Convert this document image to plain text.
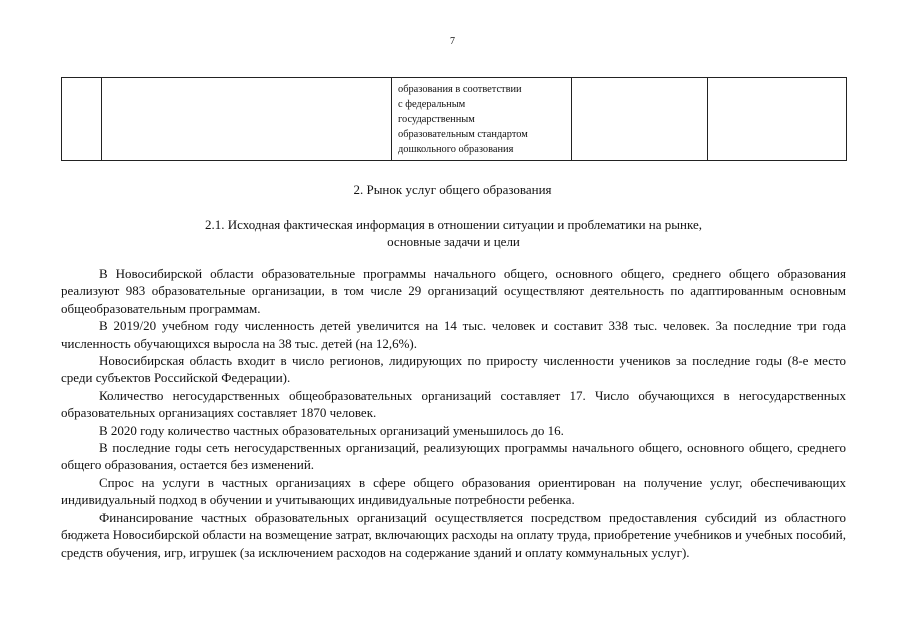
7

образования в соответствии
с федеральным
государственным
образовательным стандартом
дошкольного образования

2. Рынок услуг общего образования
2.1. Исходная фактическая информация в отношении ситуации и проблематики на рынке,
основные задачи и цели

В Новосибирской области образовательные программы начального общего, основного общего, среднего общего образования реализуют 983 образовательные организации, в том числе 29 организаций осуществляют деятельность по адаптированным основным общеобразовательным программам.

В 2019/20 учебном году численность детей увеличится на 14 тыс. человек и составит 338 тыс. человек. За последние три года численность обучающихся выросла на 38 тыс. детей (на 12,6%).

Новосибирская область входит в число регионов, лидирующих по приросту численности учеников за последние годы (8-е место среди субъектов Российской Федерации).

Количество негосударственных общеобразовательных организаций составляет 17. Число обучающихся в негосударственных образовательных организациях составляет 1870 человек.

В 2020 году количество частных образовательных организаций уменьшилось до 16.

В последние годы сеть негосударственных организаций, реализующих программы начального общего, основного общего, среднего общего образования, остается без изменений.

Спрос на услуги в частных организациях в сфере общего образования ориентирован на получение услуг, обеспечивающих индивидуальный подход в обучении и учитывающих индивидуальные потребности ребенка.

Финансирование частных образовательных организаций осуществляется посредством предоставления субсидий из областного бюджета Новосибирской области на возмещение затрат, включающих расходы на оплату труда, приобретение учебников и учебных пособий, средств обучения, игр, игрушек (за исключением расходов на содержание зданий и оплату коммунальных услуг).
